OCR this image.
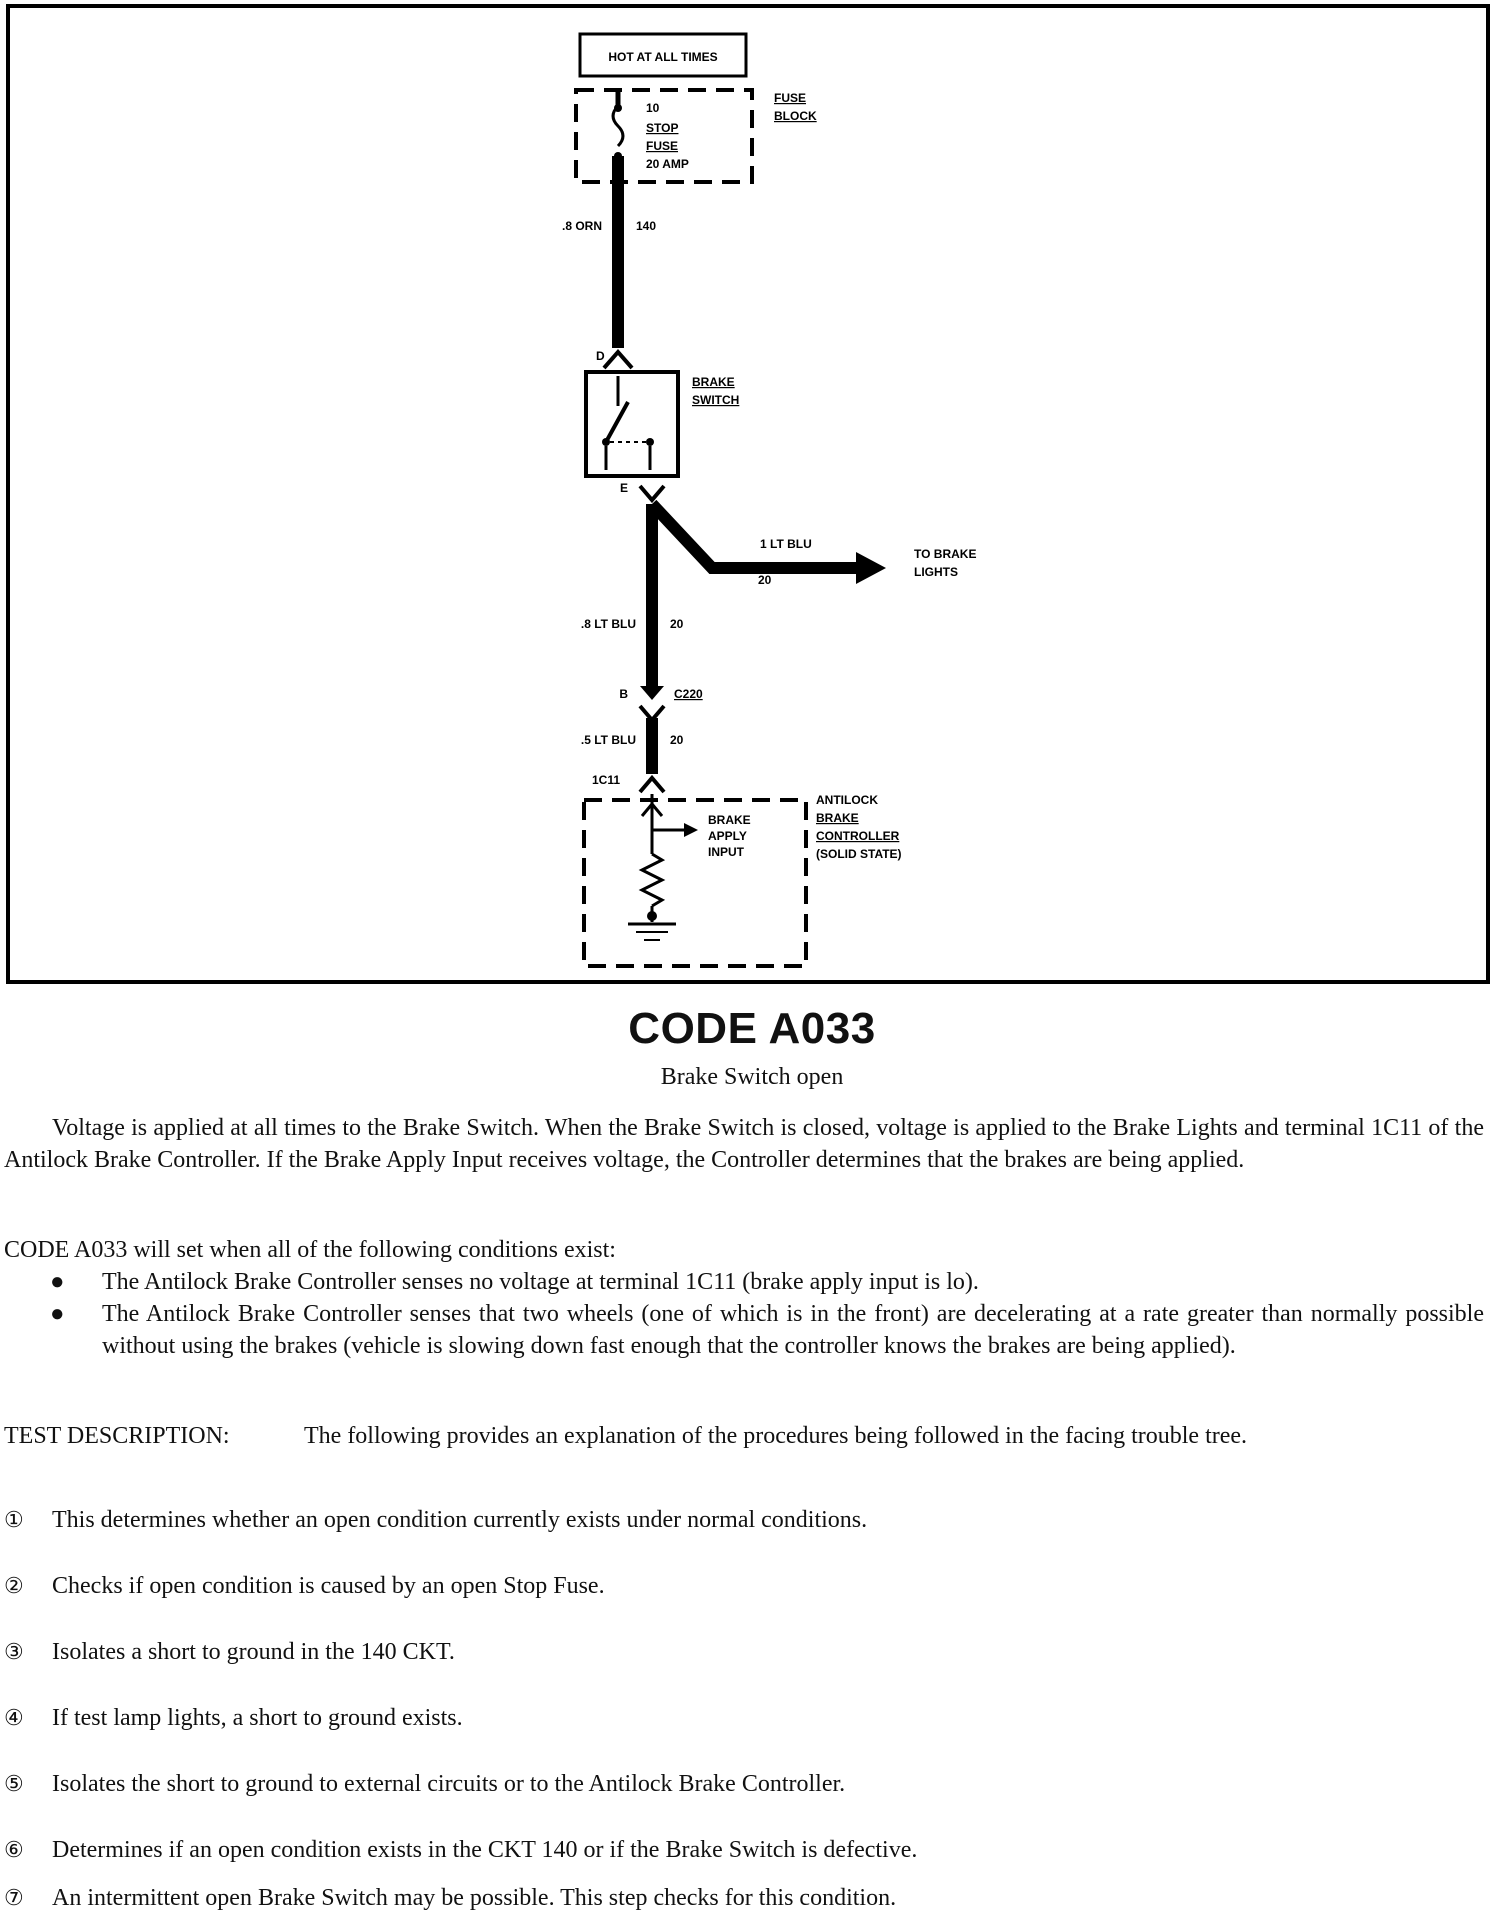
HOT AT ALL TIMES
10
STOP
FUSE
20 AMP
FUSE
BLOCK
.8 ORN	140
D
BRAKE
SWITCH
E
1 LT BLU
20
TO BRAKE
LIGHTS
.8 LT BLU	20
B	C220
.5 LT BLU	20
1C11
BRAKE
APPLY
INPUT
ANTILOCK
BRAKE
CONTROLLER
(SOLID STATE)
CODE A033
Brake Switch open
Voltage is applied at all times to the Brake Switch. When the Brake Switch is closed, voltage is applied to the Brake Lights and terminal 1C11 of the Antilock Brake Controller. If the Brake Apply Input receives voltage, the Controller determines that the brakes are being applied.
CODE A033 will set when all of the following conditions exist:
●	The Antilock Brake Controller senses no voltage at terminal 1C11 (brake apply input is lo).
●	The Antilock Brake Controller senses that two wheels (one of which is in the front) are decelerating at a rate greater than normally possible without using the brakes (vehicle is slowing down fast enough that the controller knows the brakes are being applied).
TEST DESCRIPTION:	The following provides an explanation of the procedures being followed in the facing trouble tree.
① This determines whether an open condition currently exists under normal conditions.
② Checks if open condition is caused by an open Stop Fuse.
③ Isolates a short to ground in the 140 CKT.
④ If test lamp lights, a short to ground exists.
⑤ Isolates the short to ground to external circuits or to the Antilock Brake Controller.
⑥ Determines if an open condition exists in the CKT 140 or if the Brake Switch is defective.
⑦ An intermittent open Brake Switch may be possible. This step checks for this condition.
